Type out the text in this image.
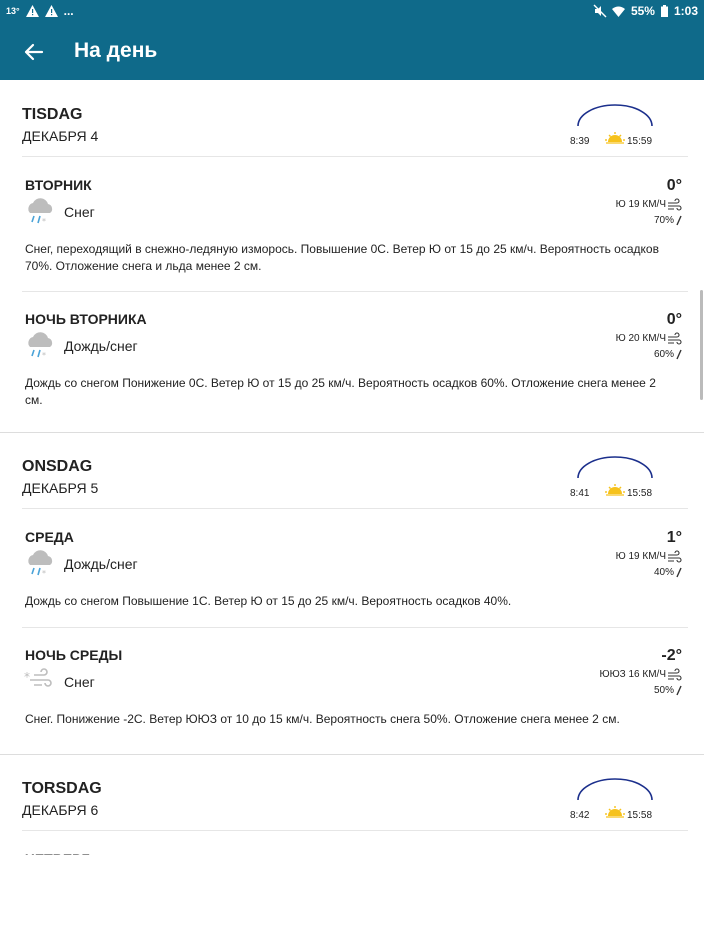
13°	...	55% 1:03
На день
TISDAG
ДЕКАБРЯ 4	8:39	15:59
ВТОРНИК
*
Снег
0°
Ю 19 КМ/Ч
70%
Снег, переходящий в снежно-ледяную изморось. Повышение 0С. Ветер Ю от 15 до 25 км/ч. Вероятность осадков 70%. Отложение снега и льда менее 2 см.
НОЧЬ ВТОРНИКА
*
Дождь/снег
0°
Ю 20 КМ/Ч
60%
Дождь со снегом Понижение 0С. Ветер Ю от 15 до 25 км/ч. Вероятность осадков 60%. Отложение снега менее 2 см.
ONSDAG
ДЕКАБРЯ 5	8:41	15:58
СРЕДА
*
Дождь/снег
1°
Ю 19 КМ/Ч
40%
Дождь со снегом Повышение 1С. Ветер Ю от 15 до 25 км/ч. Вероятность осадков 40%.
НОЧЬ СРЕДЫ
* Снег
-2°
ЮЮЗ 16 КМ/Ч
50%
Снег. Понижение -2С. Ветер ЮЮЗ от 10 до 15 км/ч. Вероятность снега 50%. Отложение снега менее 2 см.
TORSDAG
ДЕКАБРЯ 6	8:42	15:58
